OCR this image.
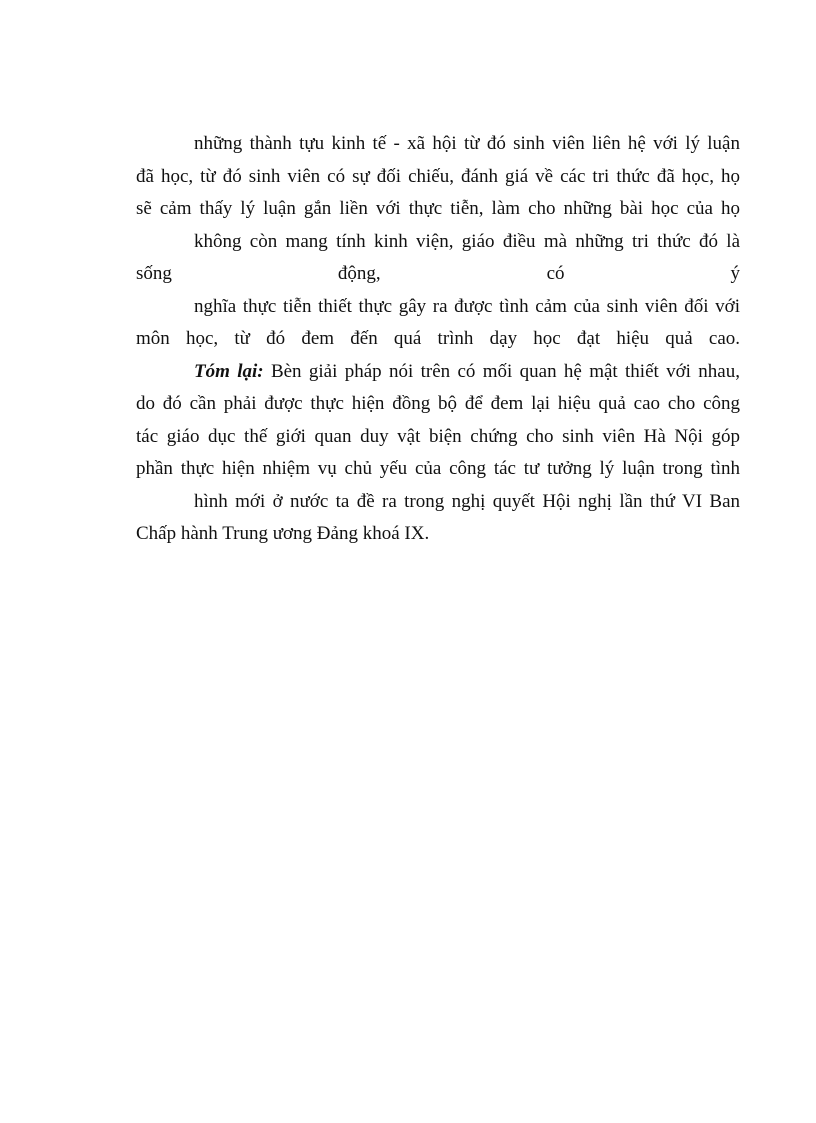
những thành tựu kinh tế - xã hội từ đó sinh viên liên hệ với lý luận
đã học, từ đó sinh viên có sự đối chiếu, đánh giá về các tri thức đã học, họ
sẽ cảm thấy lý luận gắn liền với thực tiễn, làm cho những bài học của họ
không còn mang tính kinh viện, giáo điều mà những tri thức đó là
sống động, có ý
nghĩa thực tiễn thiết thực gây ra được tình cảm của sinh viên đối với
môn học, từ đó đem đến quá trình dạy học đạt hiệu quả cao.
Tóm lại: Bèn giải pháp nói trên có mối quan hệ mật thiết với nhau,
do đó cần phải được thực hiện đồng bộ để đem lại hiệu quả cao cho công
tác giáo dục thế giới quan duy vật biện chứng cho sinh viên Hà Nội góp
phần thực hiện nhiệm vụ chủ yếu của công tác tư tưởng lý luận trong tình
hình mới ở nước ta đề ra trong nghị quyết Hội nghị lần thứ VI Ban
Chấp hành Trung ương Đảng khoá IX.
